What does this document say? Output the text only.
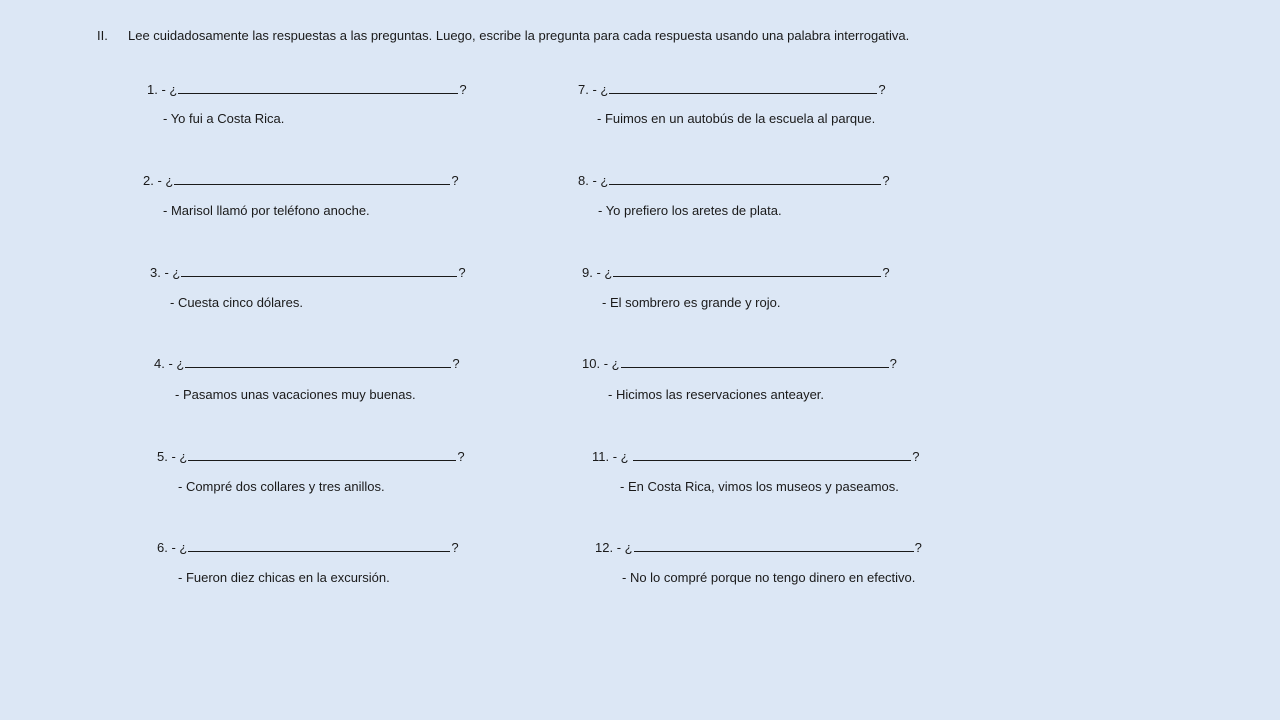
II. Lee cuidadosamente las respuestas a las preguntas. Luego, escribe la pregunta para cada respuesta usando una palabra interrogativa.
1. - ¿	?
- Yo fui a Costa Rica.
2. - ¿	?
- Marisol llamó por teléfono anoche.
3. - ¿	?
- Cuesta cinco dólares.
4. - ¿	?
- Pasamos unas vacaciones muy buenas.
5. - ¿	?
- Compré dos collares y tres anillos.
6. - ¿	?
- Fueron diez chicas en la excursión.
7. - ¿	?
- Fuimos en un autobús de la escuela al parque.
8. - ¿	?
- Yo prefiero los aretes de plata.
9. - ¿	?
- El sombrero es grande y rojo.
10. - ¿	?
- Hicimos las reservaciones anteayer.
11. - ¿	?
- En Costa Rica, vimos los museos y paseamos.
12. - ¿	?
- No lo compré porque no tengo dinero en efectivo.
